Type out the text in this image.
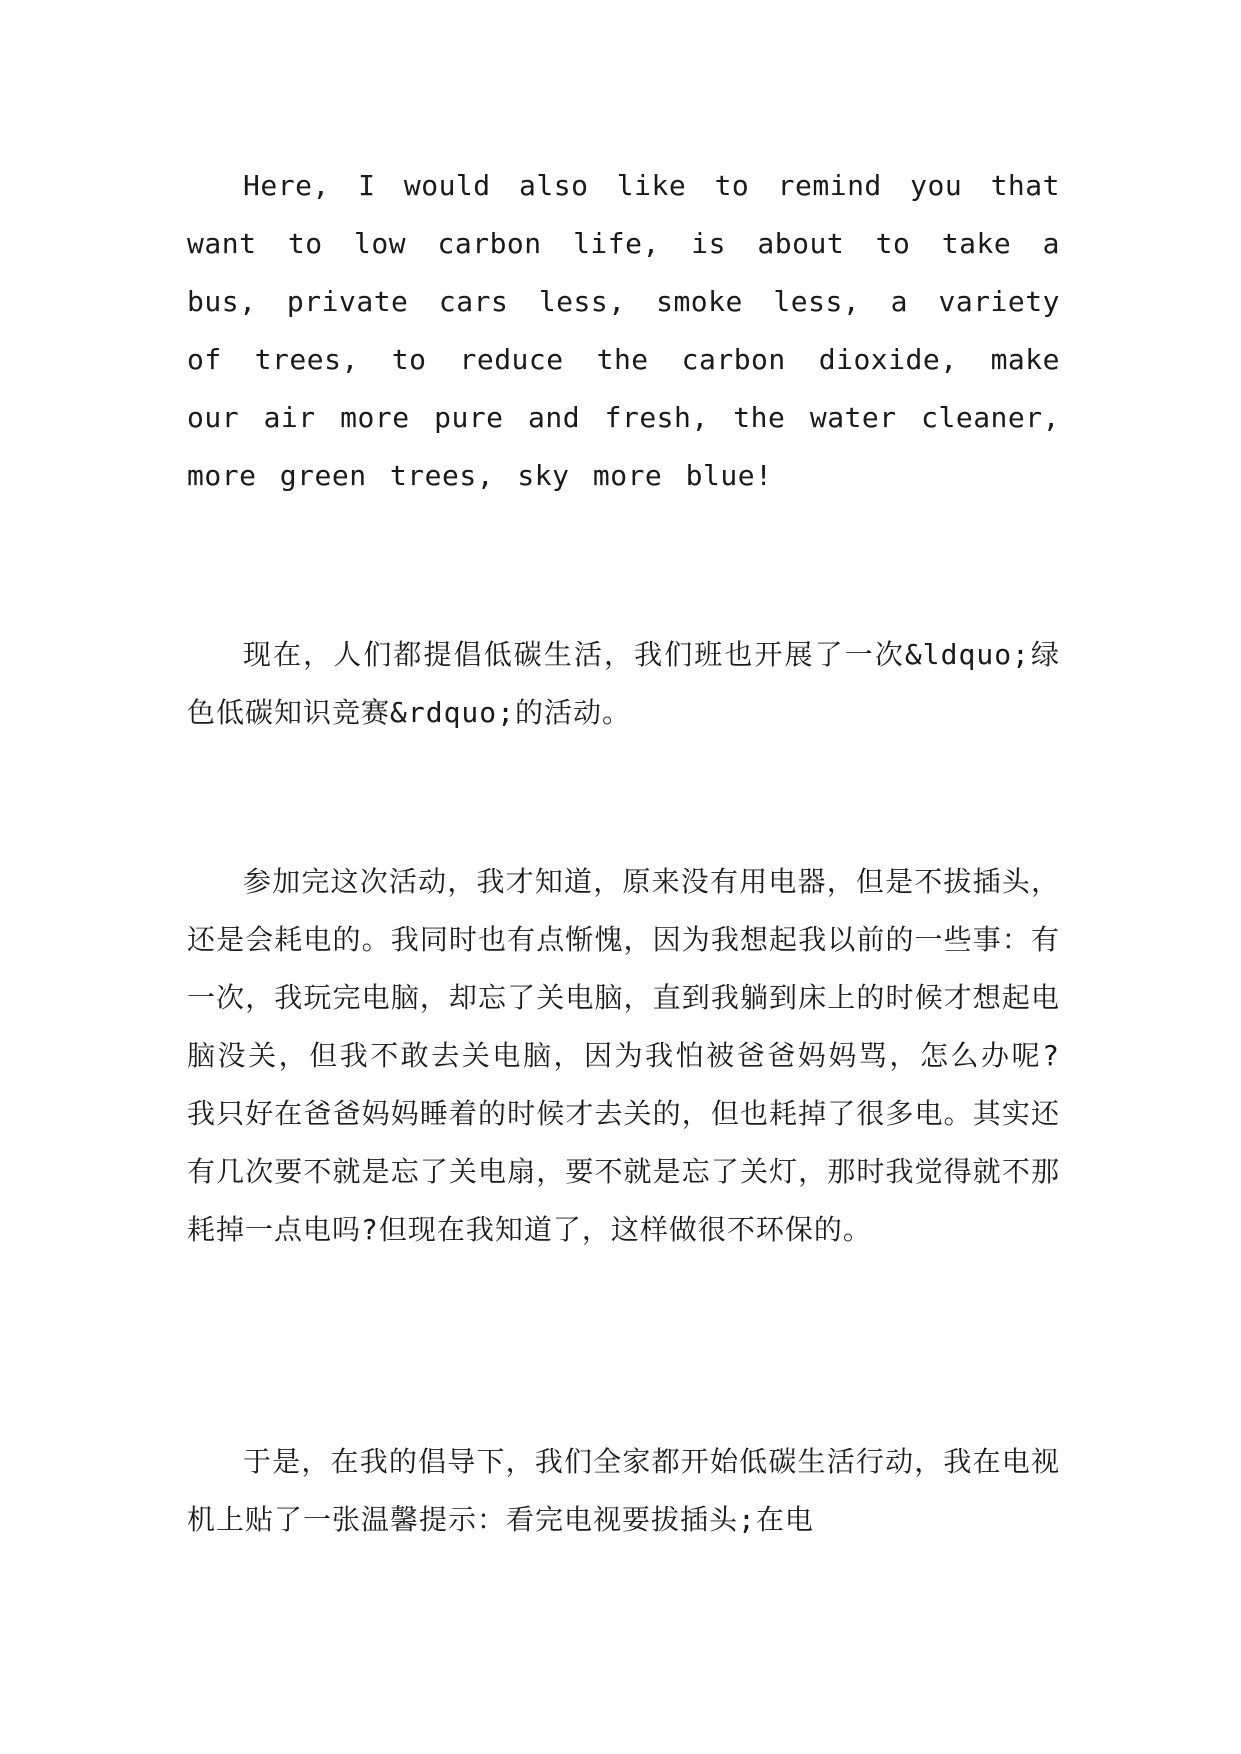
Here, I would also like to remind you that want to low carbon life, is about to take a bus, private cars less, smoke less, a variety of trees, to reduce the carbon dioxide, make our air more pure and fresh, the water cleaner, more green trees, sky more blue!

现在，人们都提倡低碳生活，我们班也开展了一次&ldquo;绿色低碳知识竞赛&rdquo;的活动。

参加完这次活动，我才知道，原来没有用电器，但是不拔插头，还是会耗电的。我同时也有点惭愧，因为我想起我以前的一些事：有一次，我玩完电脑，却忘了关电脑，直到我躺到床上的时候才想起电脑没关，但我不敢去关电脑，因为我怕被爸爸妈妈骂，怎么办呢? 我只好在爸爸妈妈睡着的时候才去关的，但也耗掉了很多电。其实还有几次要不就是忘了关电扇，要不就是忘了关灯，那时我觉得就不那耗掉一点电吗?但现在我知道了，这样做很不环保的。

于是，在我的倡导下，我们全家都开始低碳生活行动，我在电视机上贴了一张温馨提示：看完电视要拔插头;在电
